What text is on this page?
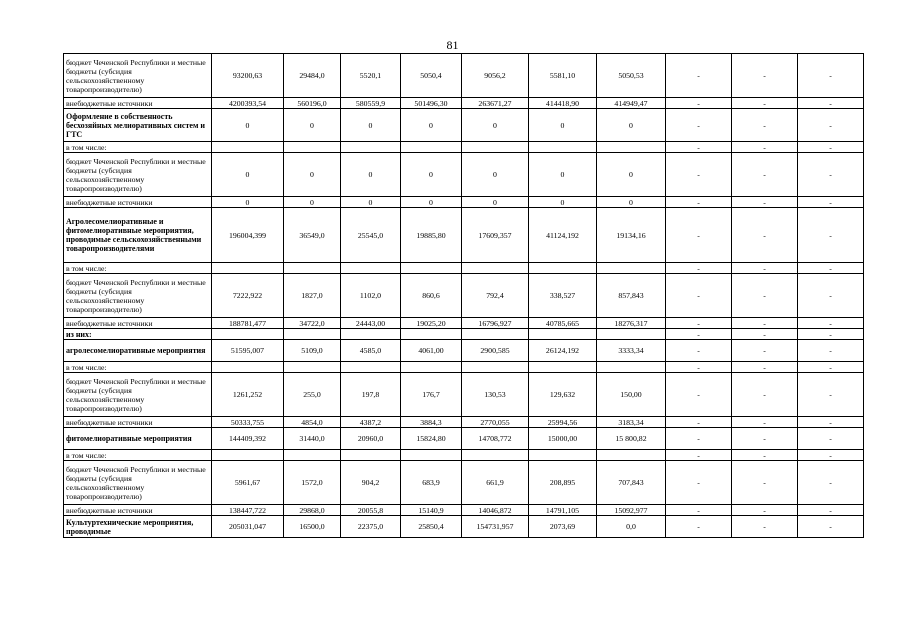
81
бюджет Чеченской Республики и местные бюджеты (субсидия сельскохозяйственному товаропроизводителю)	93200,63	29484,0	5520,1	5050,4	9056,2	5581,10	5050,53	-	-	-
внебюджетные источники	4200393,54	560196,0	580559,9	501496,30	263671,27	414418,90	414949,47	-	-	-
Оформление в собственность бесхозяйных мелиоративных систем и ГТС	0	0	0	0	0	0	0	-	-	-
в том числе:								-	-	-
бюджет Чеченской Республики и местные бюджеты (субсидия сельскохозяйственному товаропроизводителю)	0	0	0	0	0	0	0	-	-	-
внебюджетные источники	0	0	0	0	0	0	0	-	-	-
Агролесомелиоративные и фитомелиоративные мероприятия, проводимые сельскохозяйственными товаропроизводителями	196004,399	36549,0	25545,0	19885,80	17609,357	41124,192	19134,16	-	-	-
в том числе:								-	-	-
бюджет Чеченской Республики и местные бюджеты (субсидия сельскохозяйственному товаропроизводителю)	7222,922	1827,0	1102,0	860,6	792,4	338,527	857,843	-	-	-
внебюджетные источники	188781,477	34722,0	24443,00	19025,20	16796,927	40785,665	18276,317	-	-	-
из них:								-	-	-
агролесомелиоративные мероприятия	51595,007	5109,0	4585,0	4061,00	2900,585	26124,192	3333,34	-	-	-
в том числе:								-	-	-
бюджет Чеченской Республики и местные бюджеты (субсидия сельскохозяйственному товаропроизводителю)	1261,252	255,0	197,8	176,7	130,53	129,632	150,00	-	-	-
внебюджетные источники	50333,755	4854,0	4387,2	3884,3	2770,055	25994,56	3183,34	-	-	-
фитомелиоративные мероприятия	144409,392	31440,0	20960,0	15824,80	14708,772	15000,00	15 800,82	-	-	-
в том числе:								-	-	-
бюджет Чеченской Республики и местные бюджеты (субсидия сельскохозяйственному товаропроизводителю)	5961,67	1572,0	904,2	683,9	661,9	208,895	707,843	-	-	-
внебюджетные источники	138447,722	29868,0	20055,8	15140,9	14046,872	14791,105	15092,977	-	-	-
Культуртехнические мероприятия, проводимые	205031,047	16500,0	22375,0	25850,4	154731,957	2073,69	0,0	-	-	-
